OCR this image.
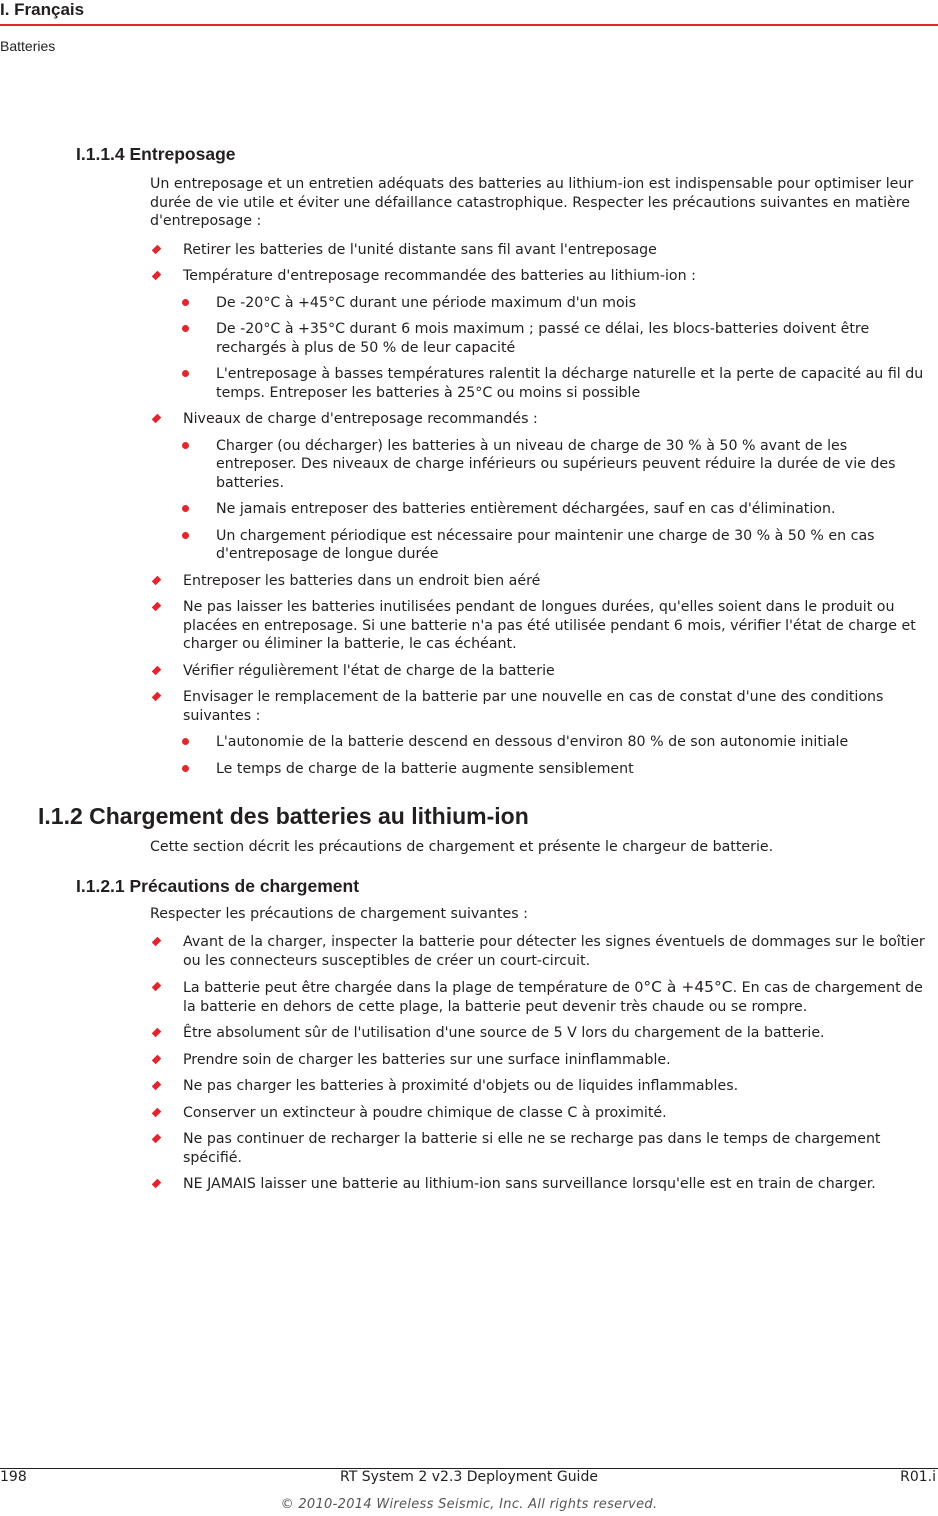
I. Français
Batteries
I.1.1.4 Entreposage

Un entreposage et un entretien adéquats des batteries au lithium-ion est indispensable pour optimiser leur durée de vie utile et éviter une défaillance catastrophique. Respecter les précautions suivantes en matière d'entreposage :

Retirer les batteries de l'unité distante sans fil avant l'entreposage
Température d'entreposage recommandée des batteries au lithium-ion :
De -20°C à +45°C durant une période maximum d'un mois
De -20°C à +35°C durant 6 mois maximum ; passé ce délai, les blocs-batteries doivent être rechargés à plus de 50 % de leur capacité
L'entreposage à basses températures ralentit la décharge naturelle et la perte de capacité au fil du temps. Entreposer les batteries à 25°C ou moins si possible
Niveaux de charge d'entreposage recommandés :
Charger (ou décharger) les batteries à un niveau de charge de 30 % à 50 % avant de les entreposer. Des niveaux de charge inférieurs ou supérieurs peuvent réduire la durée de vie des batteries.
Ne jamais entreposer des batteries entièrement déchargées, sauf en cas d'élimination.
Un chargement périodique est nécessaire pour maintenir une charge de 30 % à 50 % en cas d'entreposage de longue durée
Entreposer les batteries dans un endroit bien aéré
Ne pas laisser les batteries inutilisées pendant de longues durées, qu'elles soient dans le produit ou placées en entreposage. Si une batterie n'a pas été utilisée pendant 6 mois, vérifier l'état de charge et charger ou éliminer la batterie, le cas échéant.
Vérifier régulièrement l'état de charge de la batterie
Envisager le remplacement de la batterie par une nouvelle en cas de constat d'une des conditions suivantes :
L'autonomie de la batterie descend en dessous d'environ 80 % de son autonomie initiale
Le temps de charge de la batterie augmente sensiblement
I.1.2 Chargement des batteries au lithium-ion

Cette section décrit les précautions de chargement et présente le chargeur de batterie.

I.1.2.1 Précautions de chargement

Respecter les précautions de chargement suivantes :

Avant de la charger, inspecter la batterie pour détecter les signes éventuels de dommages sur le boîtier ou les connecteurs susceptibles de créer un court-circuit.
La batterie peut être chargée dans la plage de température de 0°C à +45°C. En cas de chargement de la batterie en dehors de cette plage, la batterie peut devenir très chaude ou se rompre.
Être absolument sûr de l'utilisation d'une source de 5 V lors du chargement de la batterie.
Prendre soin de charger les batteries sur une surface ininflammable.
Ne pas charger les batteries à proximité d'objets ou de liquides inflammables.
Conserver un extincteur à poudre chimique de classe C à proximité.
Ne pas continuer de recharger la batterie si elle ne se recharge pas dans le temps de chargement spécifié.
NE JAMAIS laisser une batterie au lithium-ion sans surveillance lorsqu'elle est en train de charger.
198	RT System 2 v2.3 Deployment Guide	R01.i
© 2010-2014 Wireless Seismic, Inc. All rights reserved.
